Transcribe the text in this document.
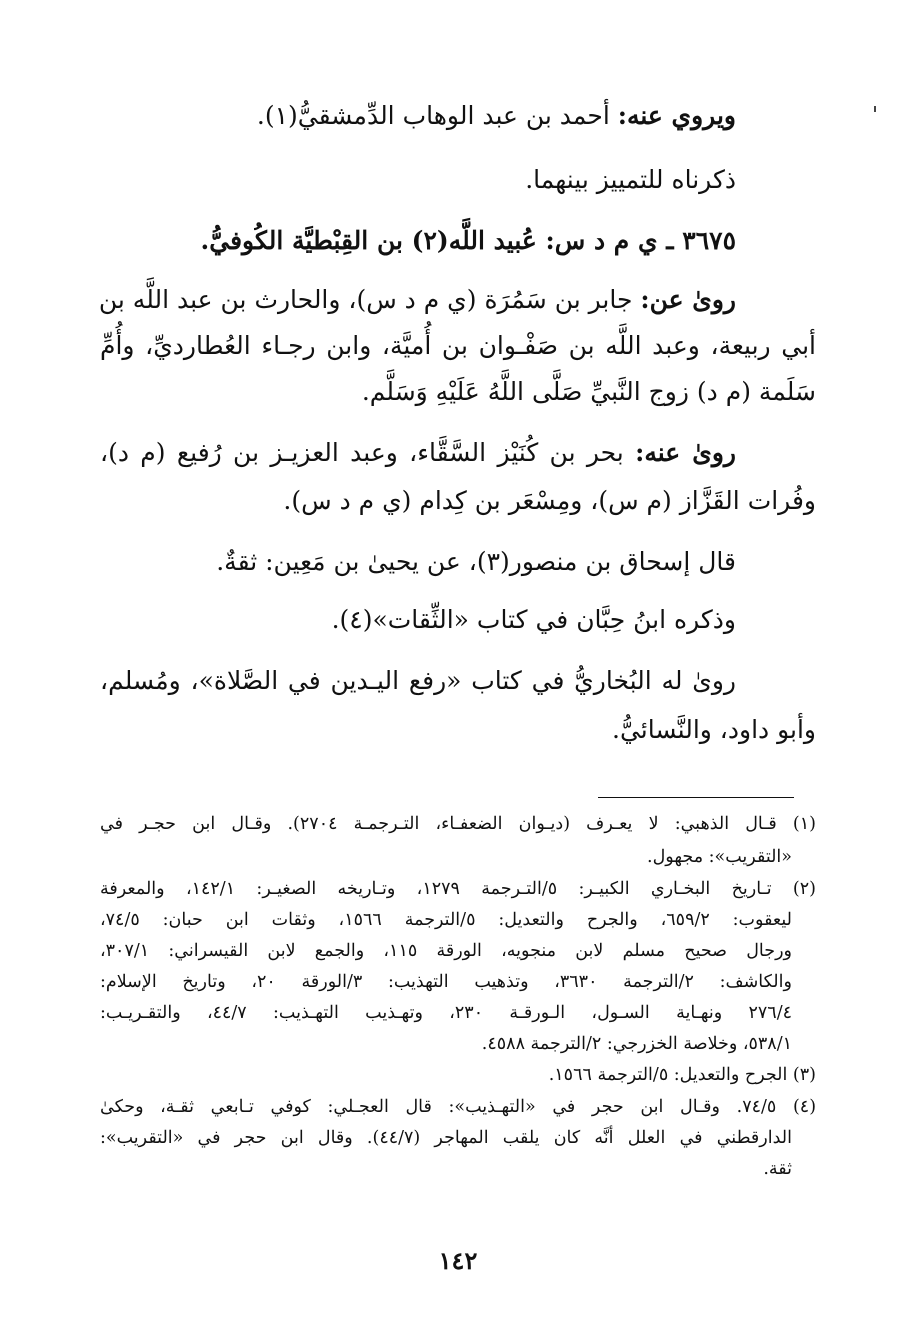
ويروي عنه: أحمد بن عبد الوهاب الدِّمشقيُّ(١).
ذكرناه للتمييز بينهما.
٣٦٧٥ ـ ي م د س: عُبيد اللَّه(٢) بن القِبْطيَّة الكُوفيُّ.
روىٰ عن: جابر بن سَمُرَة (ي م د س)، والحارث بن عبد اللَّه بن
أبي ربيعة، وعبد اللَّه بن صَفْـوان بن أُميَّة، وابن رجـاء العُطارديِّ، وأُمِّ
سَلَمة (م د) زوج النَّبيِّ صَلَّى اللَّهُ عَلَيْهِ وَسَلَّم.
روىٰ عنه: بحر بن كُنَيْز السَّقَّاء، وعبد العزيـز بن رُفيع (م د)،
وفُرات القَزَّاز (م س)، ومِسْعَر بن كِدام (ي م د س).
قال إسحاق بن منصور(٣)، عن يحيىٰ بن مَعِين: ثقةٌ.
وذكره ابنُ حِبَّان في كتاب «الثِّقات»(٤).
روىٰ له البُخاريُّ في كتاب «رفع اليـدين في الصَّلاة»، ومُسلم،
وأبو داود، والنَّسائيُّ.
(١) قـال الذهبي: لا يعـرف (ديـوان الضعفـاء، التـرجمـة ٢٧٠٤). وقـال ابن حجـر في
«التقريب»: مجهول.
(٢) تـاريخ البخـاري الكبيـر: ٥/التـرجمة ١٢٧٩، وتـاريخه الصغيـر: ١٤٢/١، والمعرفة
ليعقوب: ٦٥٩/٢، والجرح والتعديل: ٥/الترجمة ١٥٦٦، وثقات ابن حبان: ٧٤/٥،
ورجال صحيح مسلم لابن منجويه، الورقة ١١٥، والجمع لابن القيسراني: ٣٠٧/١،
والكاشف: ٢/الترجمة ٣٦٣٠، وتذهيب التهذيب: ٣/الورقة ٢٠، وتاريخ الإسلام:
٢٧٦/٤ ونهـاية السـول، الـورقـة ٢٣٠، وتهـذيب التهـذيب: ٤٤/٧، والتقـريـب:
٥٣٨/١، وخلاصة الخزرجي: ٢/الترجمة ٤٥٨٨.
(٣) الجرح والتعديل: ٥/الترجمة ١٥٦٦.
(٤) ٧٤/٥. وقـال ابن حجر في «التهـذيب»: قال العجـلي: كوفي تـابعي ثقـة، وحكىٰ
الدارقطني في العلل أنَّه كان يلقب المهاجر (٤٤/٧). وقال ابن حجر في «التقريب»:
ثقة.
١٤٢
